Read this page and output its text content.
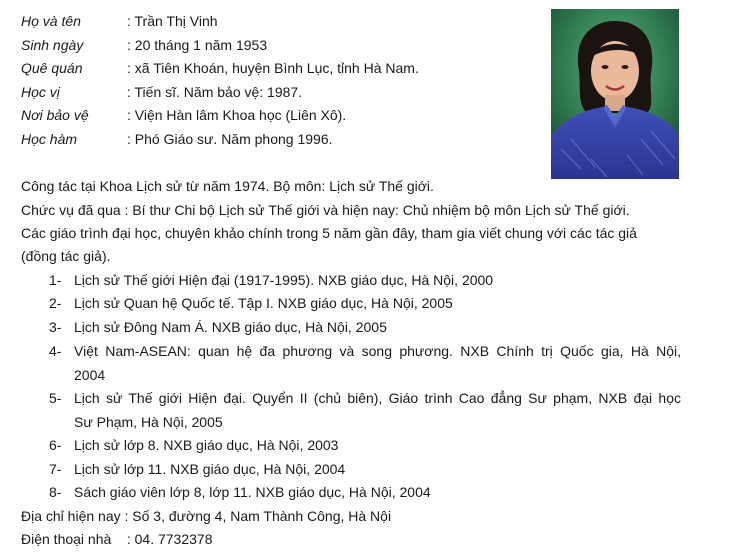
Họ và tên	: Trần Thị Vinh
Sinh ngày	: 20 tháng 1 năm 1953
Quê quán	: xã Tiên Khoán, huyện Bình Lục, tỉnh Hà Nam.
Học vị	: Tiến sĩ. Năm bảo vệ: 1987.
Nơi bảo vệ	: Viện Hàn lâm Khoa học (Liên Xô).
Học hàm	: Phó Giáo sư. Năm phong 1996.
Công tác tại Khoa Lịch sử từ năm 1974. Bộ môn: Lịch sử Thế giới.
Chức vụ đã qua : Bí thư Chi bộ Lịch sử Thế giới và hiện nay: Chủ nhiệm bộ môn Lịch sử Thế giới.
Các giáo trình đại học, chuyên khảo chính trong 5 năm gần đây, tham gia viết chung với các tác giả
(đồng tác giả).
1- Lịch sử Thế giới Hiện đại (1917-1995). NXB giáo dục, Hà Nội, 2000
2- Lịch sử Quan hệ Quốc tế. Tập I. NXB giáo dục, Hà Nội, 2005
3- Lịch sử Đông Nam Á. NXB giáo dục, Hà Nội, 2005
4- Việt Nam-ASEAN: quan hệ đa phương và song phương. NXB Chính trị Quốc gia, Hà Nội,
2004
5- Lịch sử Thế giới Hiện đại. Quyển II (chủ biên), Giáo trình Cao đẳng Sư phạm, NXB đại học
Sư Phạm, Hà Nội, 2005
6- Lịch sử lớp 8. NXB giáo dục, Hà Nội, 2003
7- Lịch sử lớp 11. NXB giáo dục, Hà Nội, 2004
8- Sách giáo viên lớp 8, lớp 11. NXB giáo dục, Hà Nội, 2004
Địa chỉ hiện nay : Số 3, đường 4, Nam Thành Công, Hà Nội
Điện thoại nhà    : 04. 7732378
